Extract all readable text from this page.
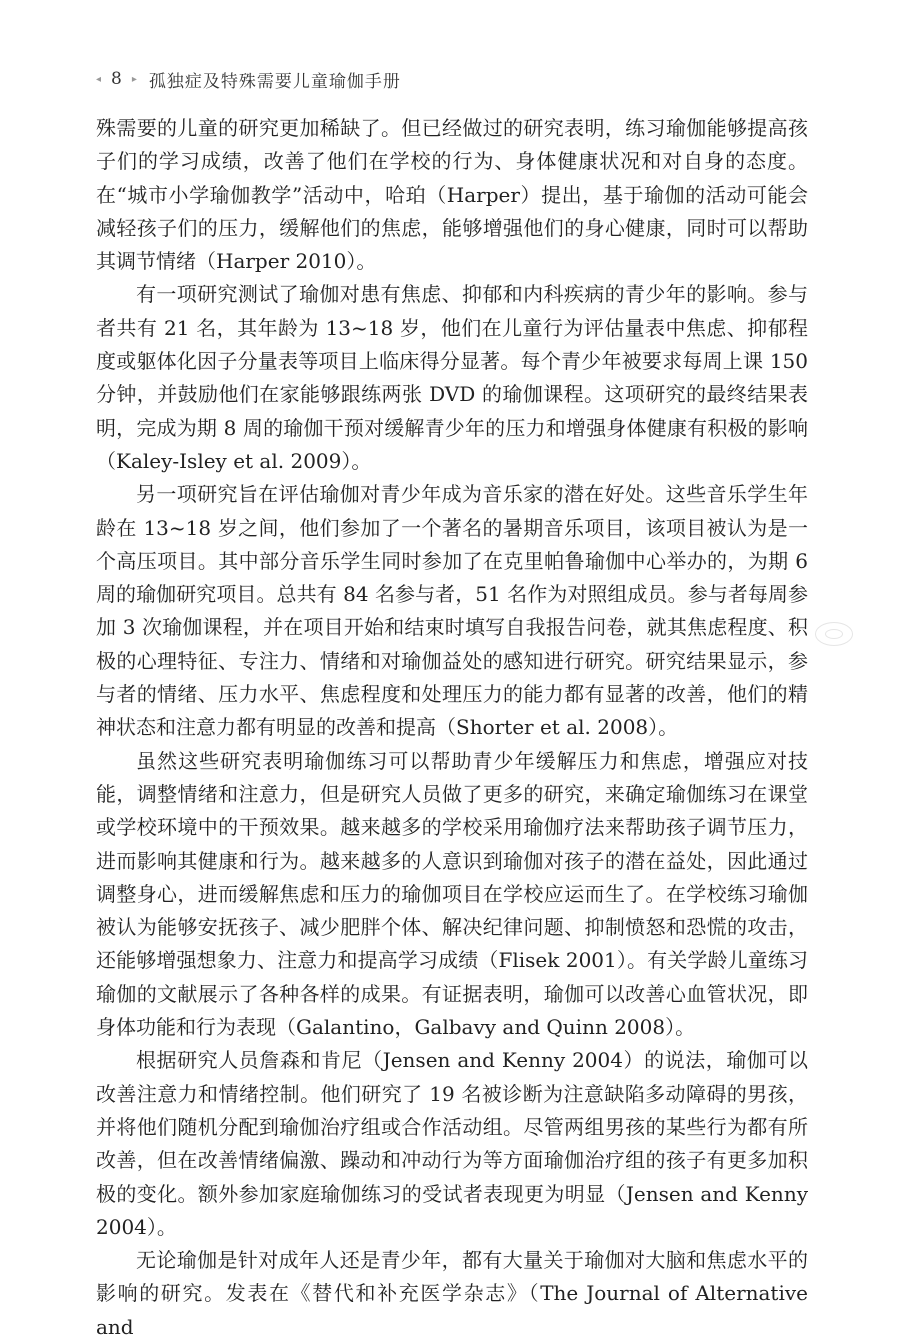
◂ 8 ▸ 孤独症及特殊需要儿童瑜伽手册

殊需要的儿童的研究更加稀缺了。但已经做过的研究表明，练习瑜伽能够提高孩子们的学习成绩，改善了他们在学校的行为、身体健康状况和对自身的态度。在“城市小学瑜伽教学”活动中，哈珀（Harper）提出，基于瑜伽的活动可能会减轻孩子们的压力，缓解他们的焦虑，能够增强他们的身心健康，同时可以帮助其调节情绪（Harper 2010）。

有一项研究测试了瑜伽对患有焦虑、抑郁和内科疾病的青少年的影响。参与者共有 21 名，其年龄为 13~18 岁，他们在儿童行为评估量表中焦虑、抑郁程度或躯体化因子分量表等项目上临床得分显著。每个青少年被要求每周上课 150 分钟，并鼓励他们在家能够跟练两张 DVD 的瑜伽课程。这项研究的最终结果表明，完成为期 8 周的瑜伽干预对缓解青少年的压力和增强身体健康有积极的影响（Kaley-Isley et al. 2009）。

另一项研究旨在评估瑜伽对青少年成为音乐家的潜在好处。这些音乐学生年龄在 13~18 岁之间，他们参加了一个著名的暑期音乐项目，该项目被认为是一个高压项目。其中部分音乐学生同时参加了在克里帕鲁瑜伽中心举办的，为期 6 周的瑜伽研究项目。总共有 84 名参与者，51 名作为对照组成员。参与者每周参加 3 次瑜伽课程，并在项目开始和结束时填写自我报告问卷，就其焦虑程度、积极的心理特征、专注力、情绪和对瑜伽益处的感知进行研究。研究结果显示，参与者的情绪、压力水平、焦虑程度和处理压力的能力都有显著的改善，他们的精神状态和注意力都有明显的改善和提高（Shorter et al. 2008）。

虽然这些研究表明瑜伽练习可以帮助青少年缓解压力和焦虑，增强应对技能，调整情绪和注意力，但是研究人员做了更多的研究，来确定瑜伽练习在课堂或学校环境中的干预效果。越来越多的学校采用瑜伽疗法来帮助孩子调节压力，进而影响其健康和行为。越来越多的人意识到瑜伽对孩子的潜在益处，因此通过调整身心，进而缓解焦虑和压力的瑜伽项目在学校应运而生了。在学校练习瑜伽被认为能够安抚孩子、减少肥胖个体、解决纪律问题、抑制愤怒和恐慌的攻击，还能够增强想象力、注意力和提高学习成绩（Flisek 2001）。有关学龄儿童练习瑜伽的文献展示了各种各样的成果。有证据表明，瑜伽可以改善心血管状况，即身体功能和行为表现（Galantino，Galbavy and Quinn 2008）。

根据研究人员詹森和肯尼（Jensen and Kenny 2004）的说法，瑜伽可以改善注意力和情绪控制。他们研究了 19 名被诊断为注意缺陷多动障碍的男孩，并将他们随机分配到瑜伽治疗组或合作活动组。尽管两组男孩的某些行为都有所改善，但在改善情绪偏激、躁动和冲动行为等方面瑜伽治疗组的孩子有更多加积极的变化。额外参加家庭瑜伽练习的受试者表现更为明显（Jensen and Kenny 2004）。

无论瑜伽是针对成年人还是青少年，都有大量关于瑜伽对大脑和焦虑水平的影响的研究。发表在《替代和补充医学杂志》（The Journal of Alternative and
